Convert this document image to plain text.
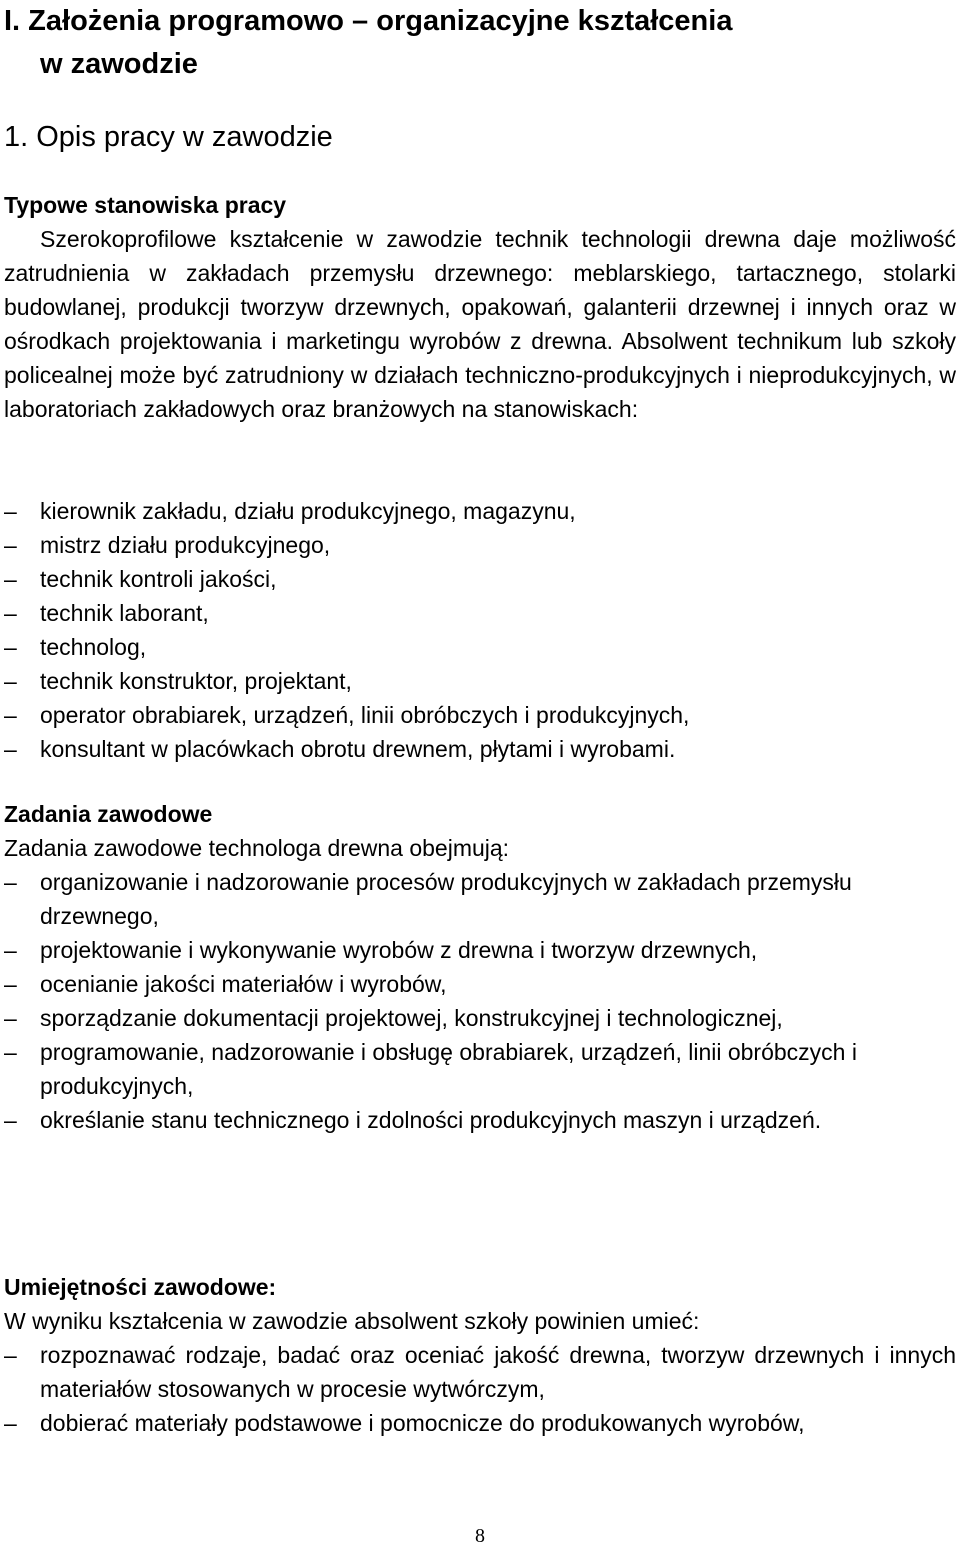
I. Założenia programowo – organizacyjne kształcenia
w zawodzie
1. Opis pracy w zawodzie
Typowe stanowiska pracy
Szerokoprofilowe kształcenie w zawodzie technik technologii drewna daje możliwość zatrudnienia w zakładach przemysłu drzewnego: meblarskiego, tartacznego, stolarki budowlanej, produkcji tworzyw drzewnych, opakowań, galanterii drzewnej i innych oraz w ośrodkach projektowania i marketingu wyrobów z drewna. Absolwent technikum lub szkoły policealnej może być zatrudniony w działach techniczno-produkcyjnych i nieprodukcyjnych, w laboratoriach zakładowych oraz branżowych na stanowiskach:
–	kierownik zakładu, działu produkcyjnego, magazynu,
–	mistrz działu produkcyjnego,
–	technik kontroli jakości,
–	technik laborant,
–	technolog,
–	technik konstruktor, projektant,
–	operator obrabiarek, urządzeń, linii obróbczych i produkcyjnych,
–	konsultant w placówkach obrotu drewnem, płytami i wyrobami.
Zadania zawodowe
Zadania zawodowe technologa drewna obejmują:
–	organizowanie i nadzorowanie procesów produkcyjnych w zakładach przemysłu drzewnego,
–	projektowanie i wykonywanie wyrobów z drewna i tworzyw drzewnych,
–	ocenianie jakości materiałów i wyrobów,
–	sporządzanie dokumentacji projektowej, konstrukcyjnej i technologicznej,
–	programowanie, nadzorowanie i obsługę obrabiarek, urządzeń, linii obróbczych i produkcyjnych,
–	określanie stanu technicznego i zdolności produkcyjnych maszyn i urządzeń.
Umiejętności zawodowe:
W wyniku kształcenia w zawodzie absolwent szkoły powinien umieć:
–	rozpoznawać rodzaje, badać oraz oceniać jakość drewna, tworzyw drzewnych i innych materiałów stosowanych w procesie wytwórczym,
–	dobierać materiały podstawowe i pomocnicze do produkowanych wyrobów,
8
